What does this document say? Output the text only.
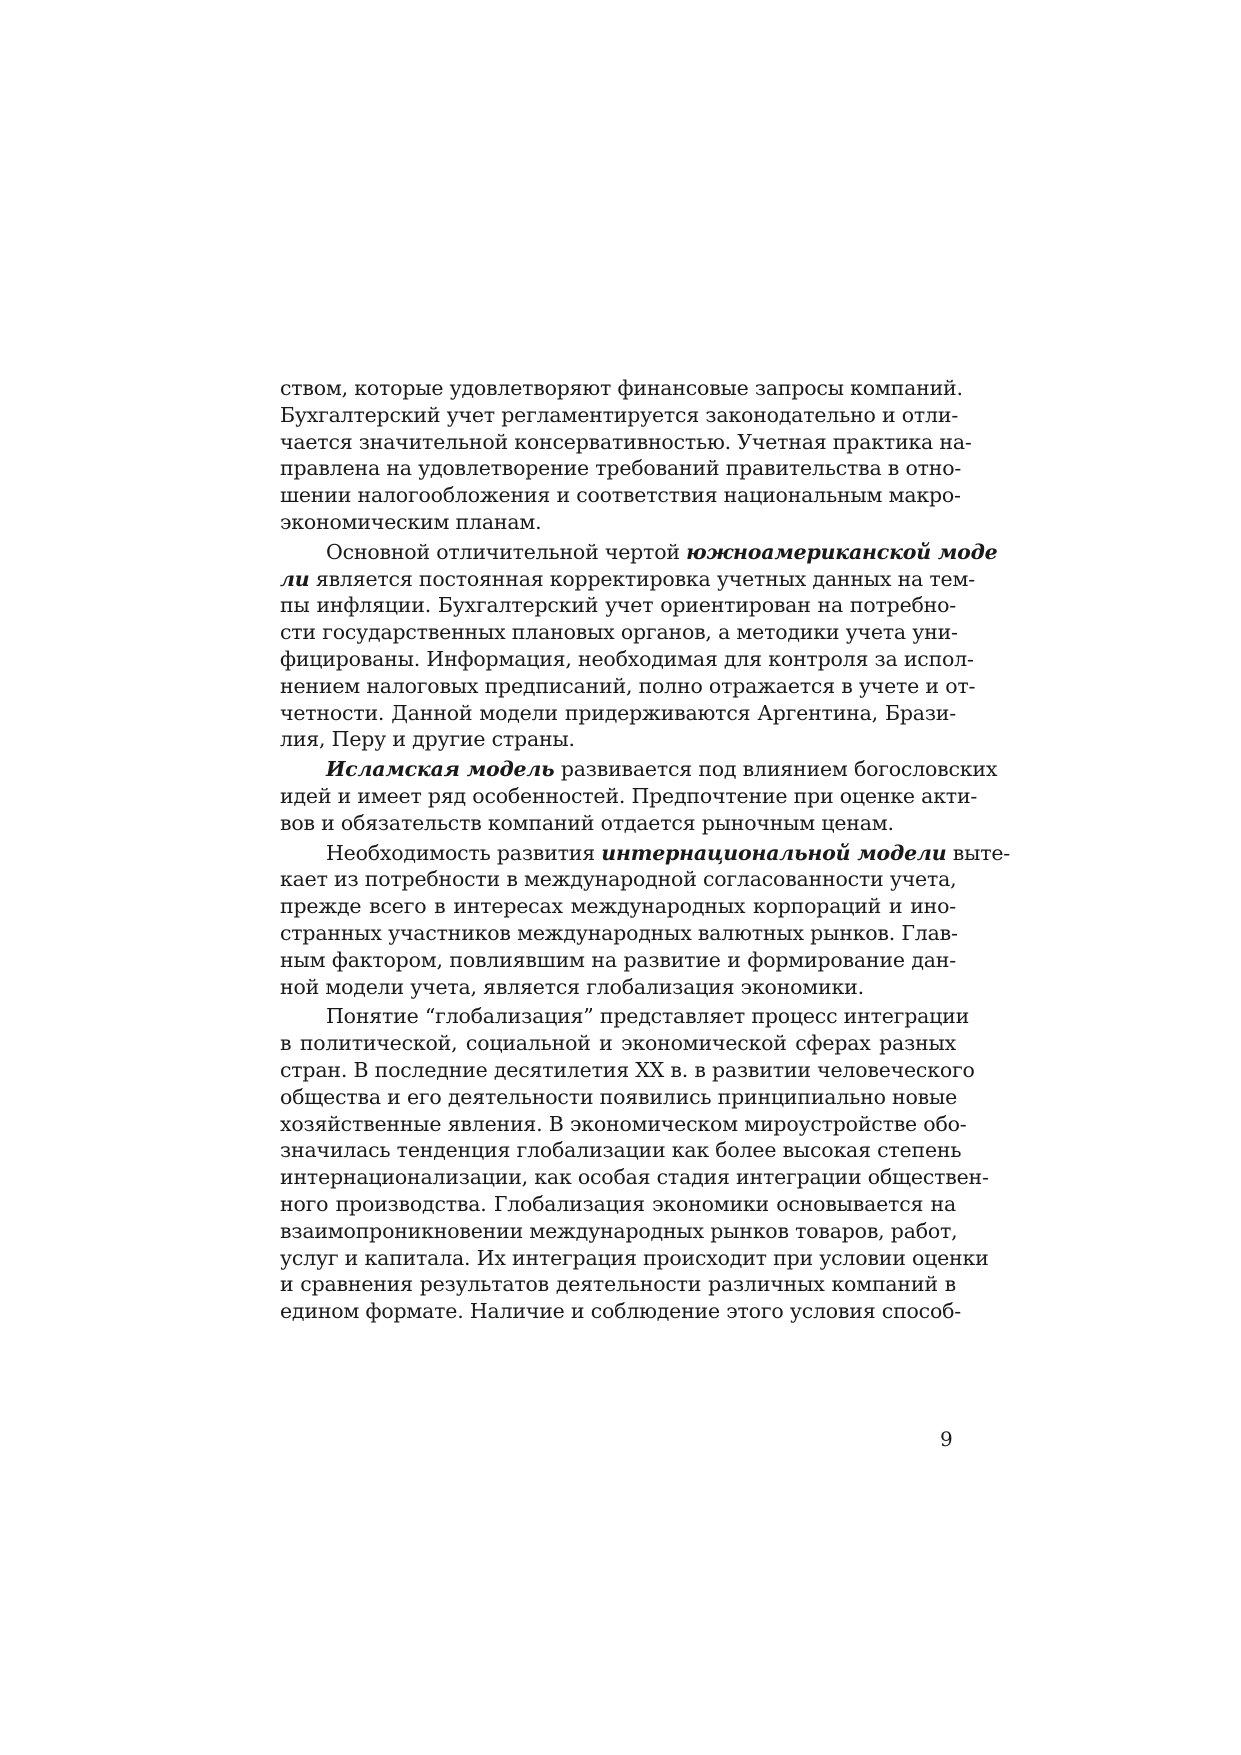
ством, которые удовлетворяют финансовые запросы компаний.
Бухгалтерский учет регламентируется законодательно и отли-
чается значительной консервативностью. Учетная практика на-
правлена на удовлетворение требований правительства в отно-
шении налогообложения и соответствия национальным макро-
экономическим планам.
Основной отличительной чертой южноамериканской моде
ли является постоянная корректировка учетных данных на тем-
пы инфляции. Бухгалтерский учет ориентирован на потребно-
сти государственных плановых органов, а методики учета уни-
фицированы. Информация, необходимая для контроля за испол-
нением налоговых предписаний, полно отражается в учете и от-
четности. Данной модели придерживаются Аргентина, Брази-
лия, Перу и другие страны.
Исламская модель развивается под влиянием богословских
идей и имеет ряд особенностей. Предпочтение при оценке акти-
вов и обязательств компаний отдается рыночным ценам.
Необходимость развития интернациональной модели выте-
кает из потребности в международной согласованности учета,
прежде всего в интересах международных корпораций и ино-
странных участников международных валютных рынков. Глав-
ным фактором, повлиявшим на развитие и формирование дан-
ной модели учета, является глобализация экономики.
Понятие “глобализация” представляет процесс интеграции
в политической, социальной и экономической сферах разных
стран. В последние десятилетия XX в. в развитии человеческого
общества и его деятельности появились принципиально новые
хозяйственные явления. В экономическом мироустройстве обо-
значилась тенденция глобализации как более высокая степень
интернационализации, как особая стадия интеграции обществен-
ного производства. Глобализация экономики основывается на
взаимопроникновении международных рынков товаров, работ,
услуг и капитала. Их интеграция происходит при условии оценки
и сравнения результатов деятельности различных компаний в
едином формате. Наличие и соблюдение этого условия способ-
9
